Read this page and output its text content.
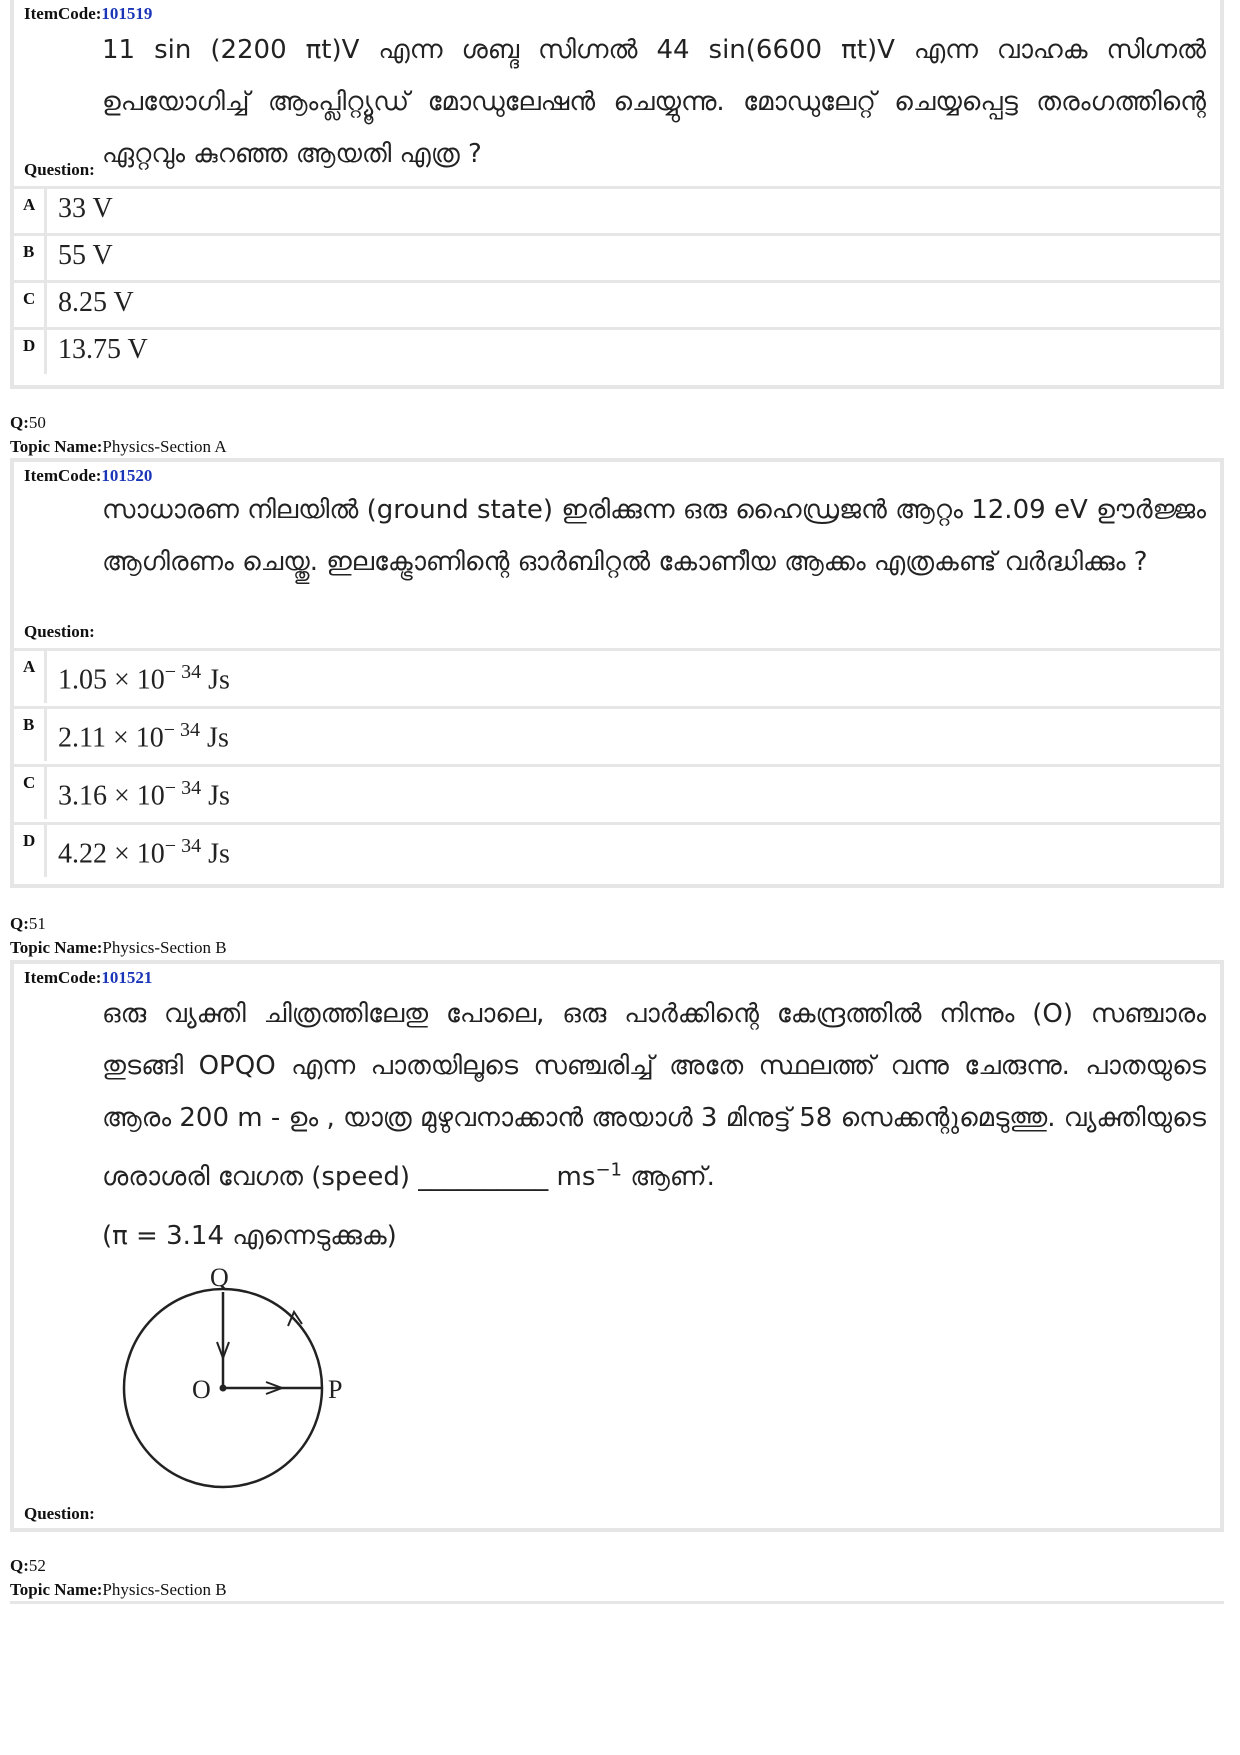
ItemCode:101519
11 sin (2200 πt)V എന്ന ശബ്ദ സിഗ്നൽ 44 sin(6600 πt)V എന്ന വാഹക സിഗ്നൽ ഉപയോഗിച്ച് ആംപ്ലിറ്റ്യൂഡ് മോഡുലേഷൻ ചെയ്യുന്നു. മോഡുലേറ്റ് ചെയ്യപ്പെട്ട തരംഗത്തിന്റെ ഏറ്റവും കുറഞ്ഞ ആയതി എത്ര ?
Question:
A 33 V
B 55 V
C 8.25 V
D 13.75 V
Q:50
Topic Name:Physics-Section A
ItemCode:101520
സാധാരണ നിലയിൽ (ground state) ഇരിക്കുന്ന ഒരു ഹൈഡ്രജൻ ആറ്റം 12.09 eV ഊർജ്ജം ആഗിരണം ചെയ്തു. ഇലക്ട്രോണിന്റെ ഓർബിറ്റൽ കോണീയ ആക്കം എത്രകണ്ട് വർദ്ധിക്കും ?
Question:
A $1.05 \times 10^{- 34}$ Js
B $2.11 \times 10^{- 34}$ Js
C $3.16 \times 10^{- 34}$ Js
D $4.22 \times 10^{- 34}$ Js
Q:51
Topic Name:Physics-Section B
ItemCode:101521
ഒരു വ്യക്തി ചിത്രത്തിലേതു പോലെ, ഒരു പാർക്കിന്റെ കേന്ദ്രത്തിൽ നിന്നും (O) സഞ്ചാരം തുടങ്ങി OPQO എന്ന പാതയിലൂടെ സഞ്ചരിച്ച് അതേ സ്ഥലത്ത് വന്നു ചേരുന്നു. പാതയുടെ ആരം 200 m - ഉം , യാത്ര മുഴുവനാക്കാൻ അയാൾ 3 മിനുട്ട് 58 സെക്കന്റുമെടുത്തു. വ്യക്തിയുടെ ശരാശരി വേഗത (speed) __________ $ms^{-1}$ ആണ്.
(π = 3.14 എന്നെടുക്കുക)
Q
O	P
Question:
Q:52
Topic Name:Physics-Section B
